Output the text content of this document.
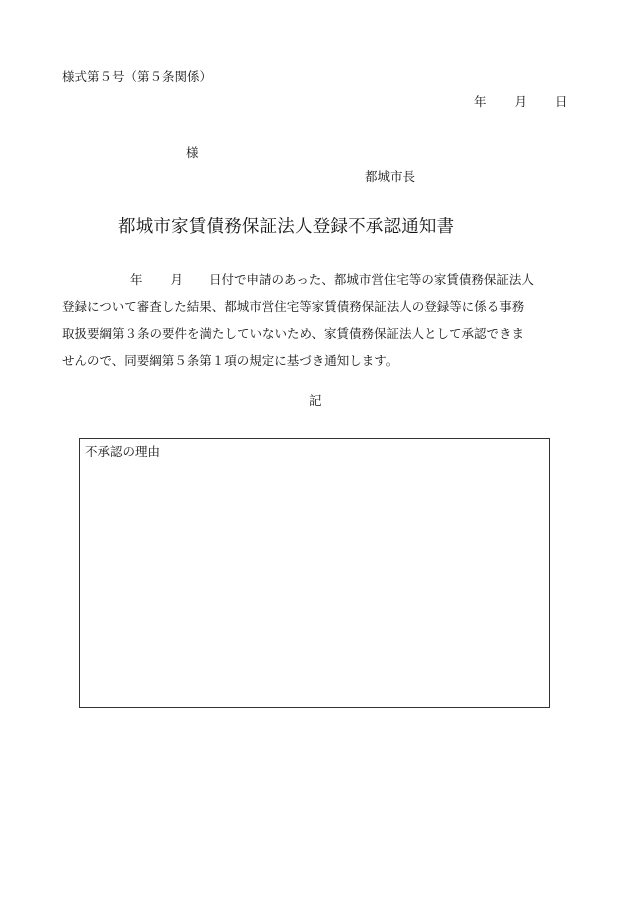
様式第５号（第５条関係）
年 月 日
様
都城市長
都城市家賃債務保証法人登録不承認通知書
年 月 日付で申請のあった、都城市営住宅等の家賃債務保証法人
登録について審査した結果、都城市営住宅等家賃債務保証法人の登録等に係る事務
取扱要綱第３条の要件を満たしていないため、家賃債務保証法人として承認できま
せんので、同要綱第５条第１項の規定に基づき通知します。
記
不承認の理由
